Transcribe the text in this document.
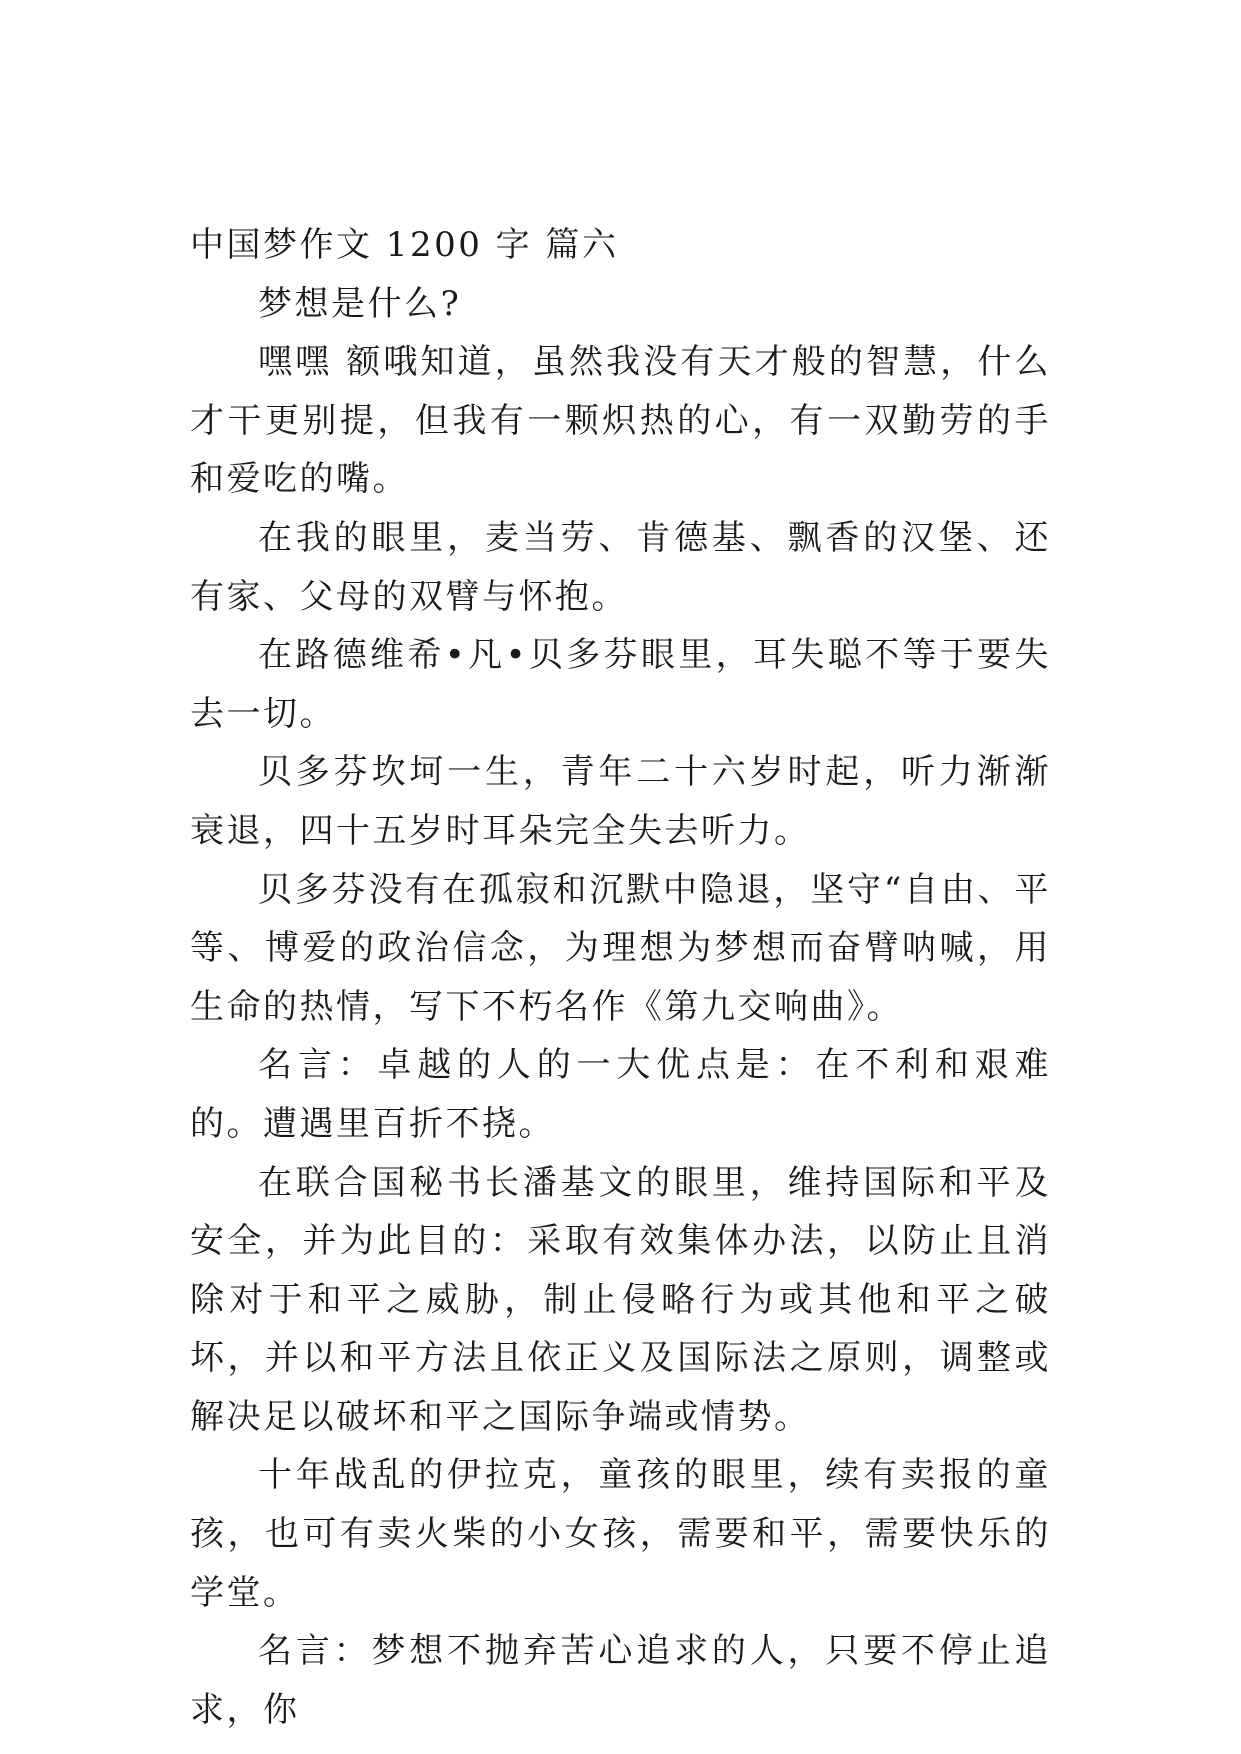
中国梦作文 1200 字 篇六

梦想是什么?

嘿嘿 额哦知道，虽然我没有天才般的智慧，什么才干更别提，但我有一颗炽热的心，有一双勤劳的手和爱吃的嘴。

在我的眼里，麦当劳、肯德基、飘香的汉堡、还有家、父母的双臂与怀抱。

在路德维希•凡•贝多芬眼里，耳失聪不等于要失去一切。

贝多芬坎坷一生，青年二十六岁时起，听力渐渐衰退，四十五岁时耳朵完全失去听力。

贝多芬没有在孤寂和沉默中隐退，坚守“自由、平等、博爱的政治信念，为理想为梦想而奋臂呐喊，用生命的热情，写下不朽名作《第九交响曲》。

名言：卓越的人的一大优点是：在不利和艰难的。遭遇里百折不挠。

在联合国秘书长潘基文的眼里，维持国际和平及安全，并为此目的：采取有效集体办法，以防止且消除对于和平之威胁，制止侵略行为或其他和平之破坏，并以和平方法且依正义及国际法之原则，调整或解决足以破坏和平之国际争端或情势。

十年战乱的伊拉克，童孩的眼里，续有卖报的童孩，也可有卖火柴的小女孩，需要和平，需要快乐的学堂。

名言：梦想不抛弃苦心追求的人，只要不停止追求，你
